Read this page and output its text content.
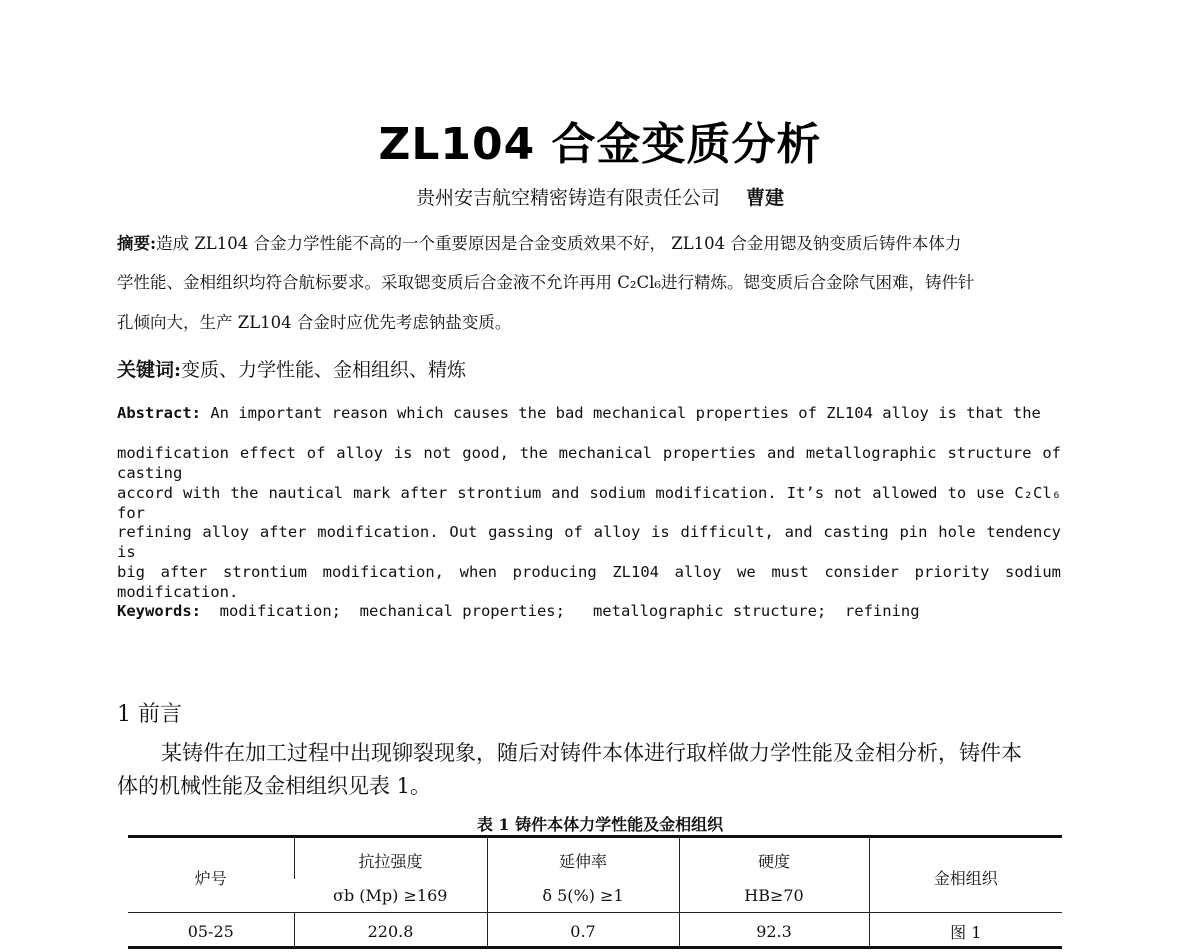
ZL104 合金变质分析
贵州安吉航空精密铸造有限责任公司 曹建
摘要:造成 ZL104 合金力学性能不高的一个重要原因是合金变质效果不好， ZL104 合金用锶及钠变质后铸件本体力
学性能、金相组织均符合航标要求。采取锶变质后合金液不允许再用 C₂Cl₆进行精炼。锶变质后合金除气困难，铸件针
孔倾向大，生产 ZL104 合金时应优先考虑钠盐变质。
关键词:变质、力学性能、金相组织、精炼
Abstract: An important reason which causes the bad mechanical properties of ZL104 alloy is that the
modification effect of alloy is not good, the mechanical properties and metallographic structure of casting
accord with the nautical mark after strontium and sodium modification. It’s not allowed to use C₂Cl₆ for
refining alloy after modification. Out gassing of alloy is difficult, and casting pin hole tendency is
big after strontium modification, when producing ZL104 alloy we must consider priority sodium modification.
Keywords: modification;  mechanical properties;   metallographic structure;  refining
1 前言
某铸件在加工过程中出现铆裂现象，随后对铸件本体进行取样做力学性能及金相分析，铸件本
体的机械性能及金相组织见表 1。
表 1 铸件本体力学性能及金相组织
炉号	抗拉强度	延伸率	硬度	金相组织
	σb (Mp) ≥169	δ 5(%) ≥1	HB≥70	
05-25	220.8	0.7	92.3	图 1
